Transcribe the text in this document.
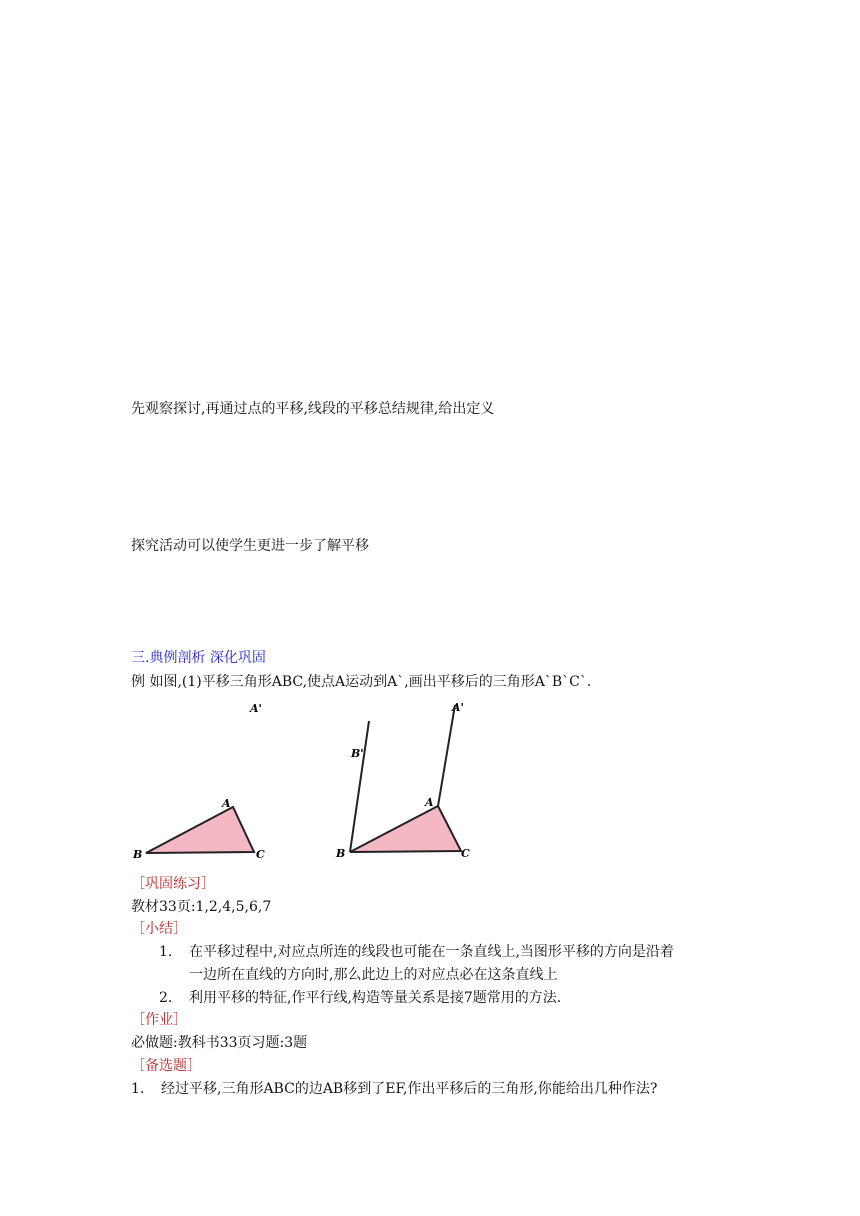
先观察探讨,再通过点的平移,线段的平移总结规律,给出定义
探究活动可以使学生更进一步了解平移
三.典例剖析 深化巩固
例 如图,(1)平移三角形ABC,使点A运动到A`,画出平移后的三角形A`B`C`.
A'
A
B	C
A'
B'
A
B	C
［巩固练习］
教材33页:1,2,4,5,6,7
［小结］
1. 在平移过程中,对应点所连的线段也可能在一条直线上,当图形平移的方向是沿着
一边所在直线的方向时,那么此边上的对应点必在这条直线上
2. 利用平移的特征,作平行线,构造等量关系是接7题常用的方法.
［作业］
必做题:教科书33页习题:3题
［备选题］
1. 经过平移,三角形ABC的边AB移到了EF,作出平移后的三角形,你能给出几种作法?
